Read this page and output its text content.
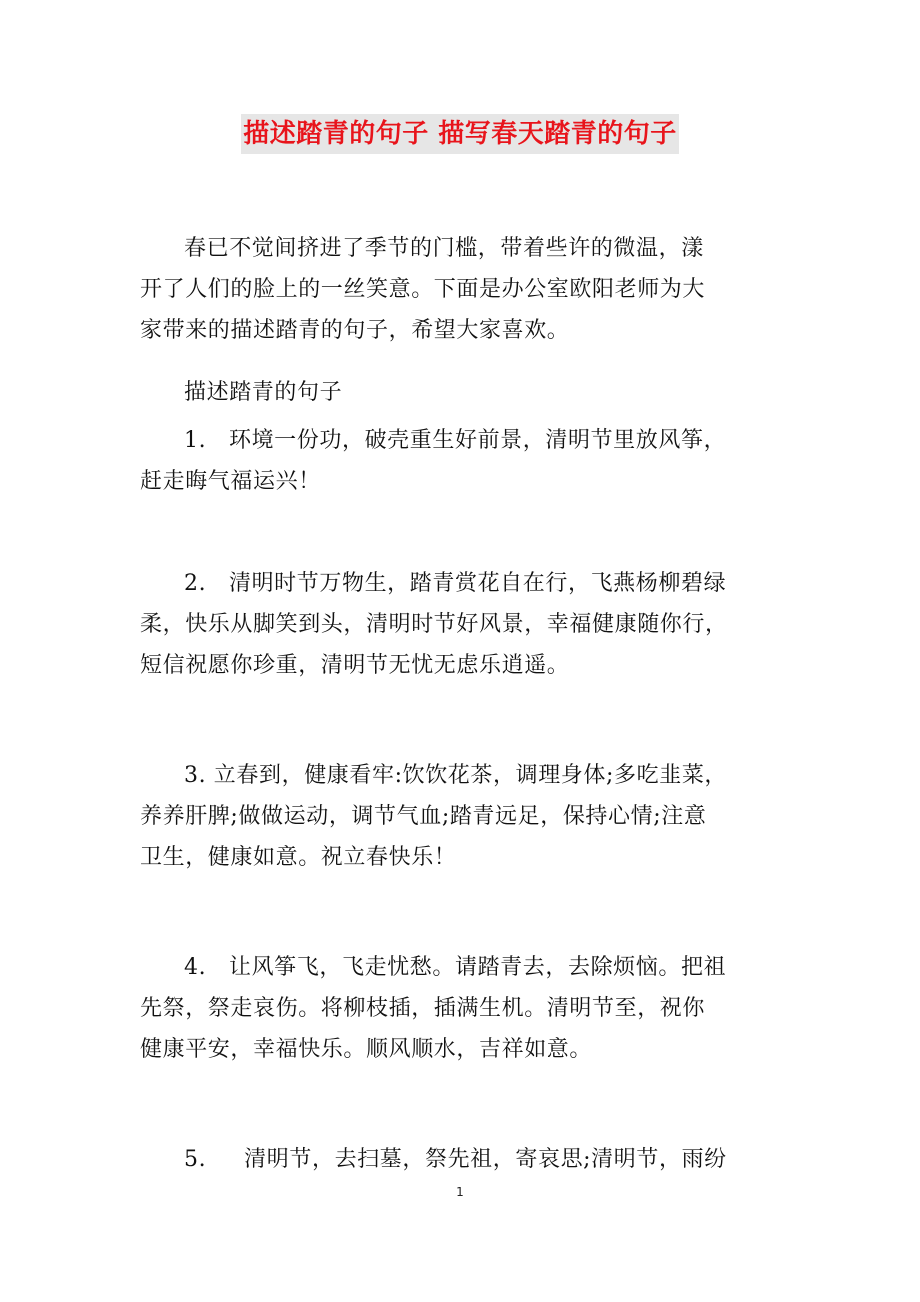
描述踏青的句子 描写春天踏青的句子
春已不觉间挤进了季节的门槛，带着些许的微温，漾
开了人们的脸上的一丝笑意。下面是办公室欧阳老师为大
家带来的描述踏青的句子，希望大家喜欢。
描述踏青的句子
1. 环境一份功，破壳重生好前景，清明节里放风筝，
赶走晦气福运兴！
2. 清明时节万物生，踏青赏花自在行，飞燕杨柳碧绿
柔，快乐从脚笑到头，清明时节好风景，幸福健康随你行，
短信祝愿你珍重，清明节无忧无虑乐逍遥。
3. 立春到，健康看牢:饮饮花茶，调理身体;多吃韭菜，
养养肝脾;做做运动，调节气血;踏青远足，保持心情;注意
卫生，健康如意。祝立春快乐！
4. 让风筝飞，飞走忧愁。请踏青去，去除烦恼。把祖
先祭，祭走哀伤。将柳枝插，插满生机。清明节至，祝你
健康平安，幸福快乐。顺风顺水，吉祥如意。
5. 清明节，去扫墓，祭先祖，寄哀思;清明节，雨纷
1
